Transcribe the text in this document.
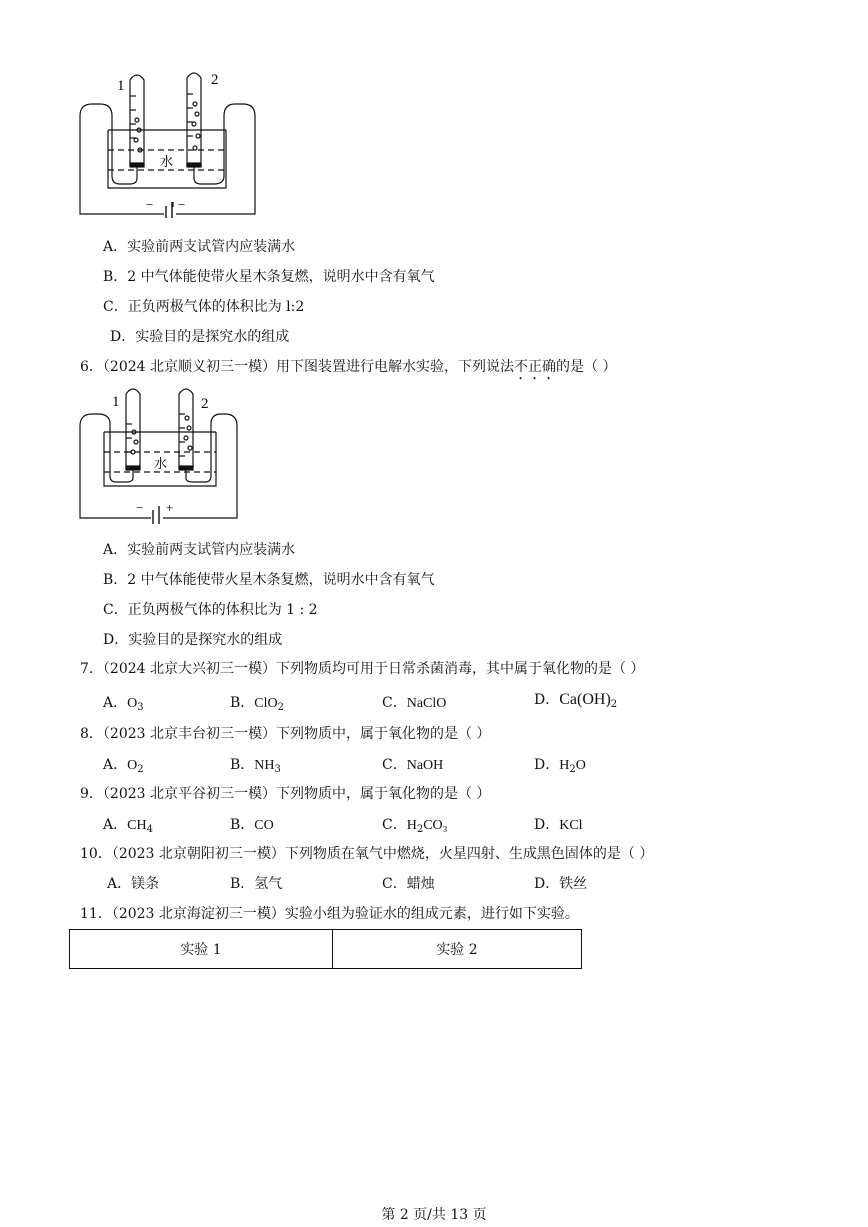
1	2
水
− −
A．实验前两支试管内应装满水
B．2 中气体能使带火星木条复燃，说明水中含有氧气
C．正负两极气体的体积比为 l:2
D．实验目的是探究水的组成
6．（2024 北京顺义初三一模）用下图装置进行电解水实验，下列说法不正确的是（ ）
1	2
水
− +
A．实验前两支试管内应装满水
B．2 中气体能使带火星木条复燃，说明水中含有氧气
C．正负两极气体的体积比为 1 : 2
D．实验目的是探究水的组成
7．（2024 北京大兴初三一模）下列物质均可用于日常杀菌消毒，其中属于氧化物的是（ ）
A．$O_3$	B．ClO$_2$	C．NaClO	D．$Ca(OH)_2$
8．（2023 北京丰台初三一模）下列物质中，属于氧化物的是（ ）
A．$O_2$	B．$NH_3$	C．NaOH	D．$H_2O$
9．（2023 北京平谷初三一模）下列物质中，属于氧化物的是（ ）
A．$CH_4$	B．CO	C．$H_2CO_3$	D．KCl
10．（2023 北京朝阳初三一模）下列物质在氧气中燃烧，火星四射、生成黑色固体的是（ ）
A．镁条	B．氢气	C．蜡烛	D．铁丝
11．（2023 北京海淀初三一模）实验小组为验证水的组成元素，进行如下实验。
实验 1	实验 2
第 2 页/共 13 页
